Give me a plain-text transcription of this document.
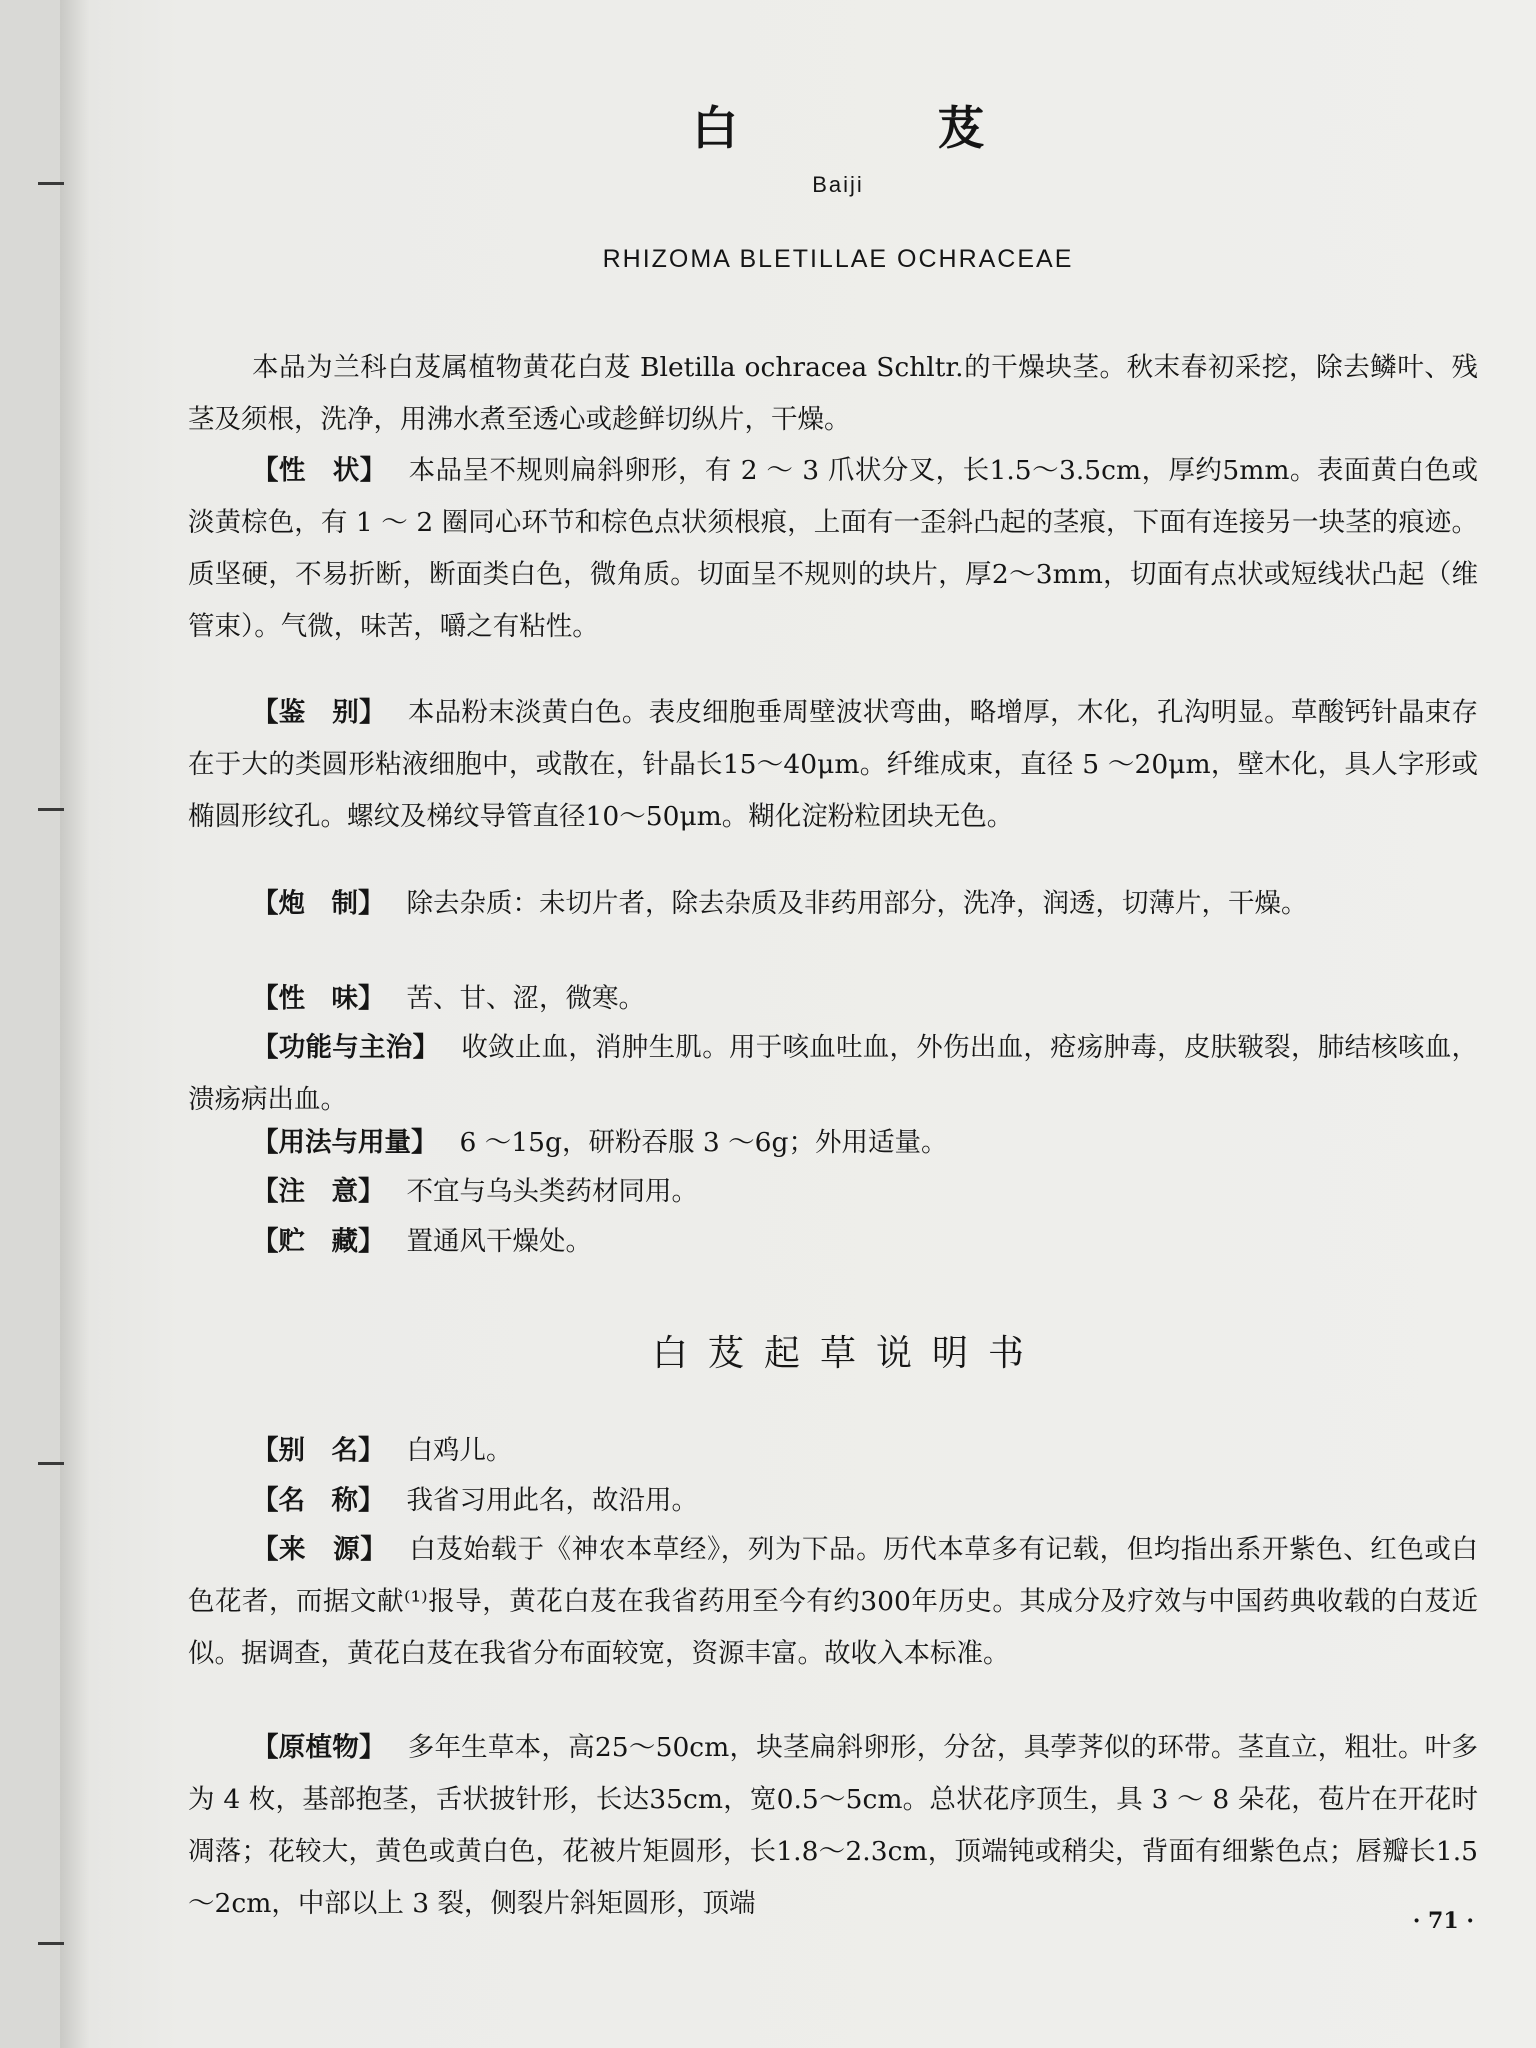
白 芨
Baiji
RHIZOMA BLETILLAE OCHRACEAE
本品为兰科白芨属植物黄花白芨 Bletilla ochracea Schltr.的干燥块茎。秋末春初采挖，除去鳞叶、残茎及须根，洗净，用沸水煮至透心或趁鲜切纵片，干燥。
【性　状】 本品呈不规则扁斜卵形，有 2 ～ 3 爪状分叉，长1.5～3.5cm，厚约5mm。表面黄白色或淡黄棕色，有 1 ～ 2 圈同心环节和棕色点状须根痕，上面有一歪斜凸起的茎痕，下面有连接另一块茎的痕迹。质坚硬，不易折断，断面类白色，微角质。切面呈不规则的块片，厚2～3mm，切面有点状或短线状凸起（维管束）。气微，味苦，嚼之有粘性。
【鉴　别】 本品粉末淡黄白色。表皮细胞垂周壁波状弯曲，略增厚，木化，孔沟明显。草酸钙针晶束存在于大的类圆形粘液细胞中，或散在，针晶长15～40μm。纤维成束，直径 5 ～20μm，壁木化，具人字形或椭圆形纹孔。螺纹及梯纹导管直径10～50μm。糊化淀粉粒团块无色。
【炮　制】 除去杂质：未切片者，除去杂质及非药用部分，洗净，润透，切薄片，干燥。
【性　味】 苦、甘、涩，微寒。
【功能与主治】 收敛止血，消肿生肌。用于咳血吐血，外伤出血，疮疡肿毒，皮肤皲裂，肺结核咳血，溃疡病出血。
【用法与用量】 6 ～15g，研粉吞服 3 ～6g；外用适量。
【注　意】 不宜与乌头类药材同用。
【贮　藏】 置通风干燥处。
白芨起草说明书
【别　名】 白鸡儿。
【名　称】 我省习用此名，故沿用。
【来　源】 白芨始载于《神农本草经》，列为下品。历代本草多有记载，但均指出系开紫色、红色或白色花者，而据文献⁽¹⁾报导，黄花白芨在我省药用至今有约300年历史。其成分及疗效与中国药典收载的白芨近似。据调查，黄花白芨在我省分布面较宽，资源丰富。故收入本标准。
【原植物】 多年生草本，高25～50cm，块茎扁斜卵形，分岔，具荸荠似的环带。茎直立，粗壮。叶多为 4 枚，基部抱茎，舌状披针形，长达35cm，宽0.5～5cm。总状花序顶生，具 3 ～ 8 朵花，苞片在开花时凋落；花较大，黄色或黄白色，花被片矩圆形，长1.8～2.3cm，顶端钝或稍尖，背面有细紫色点；唇瓣长1.5～2cm，中部以上 3 裂，侧裂片斜矩圆形，顶端
· 71 ·
